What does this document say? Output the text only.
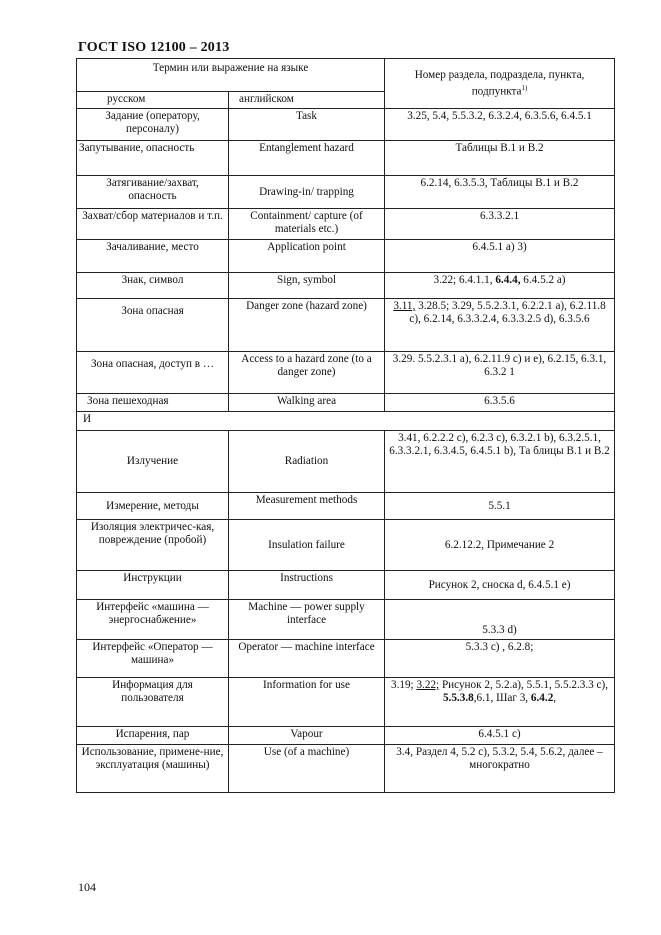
ГОСТ ISO 12100 – 2013
Термин или выражение на языке		Номер раздела, подраздела, пункта, подпункта$^{1)}$
русском	английском	
Задание (оператору, персоналу)	Task	3.25, 5.4, 5.5.3.2, 6.3.2.4, 6.3.5.6, 6.4.5.1
Запутывание, опасность	Entanglement hazard	Таблицы В.1 и В.2
Затягивание/захват, опасность	Drawing-in/ trapping	6.2.14, 6.3.5.3, Таблицы В.1 и В.2
Захват/сбор материалов и т.п.	Containment/ capture (of materials etc.)	6.3.3.2.1
Зачаливание, место	Application point	6.4.5.1 а) 3)
Знак, символ	Sign, symbol	3.22; 6.4.1.1, 6.4.4, 6.4.5.2 а)
Зона опасная	Danger zone (hazard zone)	3.11, 3.28.5; 3.29, 5.5.2.3.1, 6.2.2.1 а), 6.2.11.8 с), 6.2.14, 6.3.3.2.4, 6.3.3.2.5 d), 6.3.5.6
Зона опасная, доступ в …	Access to a hazard zone (to a danger zone)	3.29. 5.5.2.3.1 а), 6.2.11.9 с) и е), 6.2.15, 6.3.1, 6.3.2 1
Зона пешеходная	Walking area	6.3.5.6
И		
Излучение	Radiation	3.41, 6.2.2.2 с), 6.2.3 с), 6.3.2.1 b), 6.3.2.5.1, 6.3.3.2.1, 6.3.4.5, 6.4.5.1 b), Та блицы В.1 и В.2
Измерение, методы	Measurement methods	5.5.1
Изоляция электричес-кая, повреждение (пробой)	Insulation failure	6.2.12.2, Примечание 2
Инструкции	Instructions	Рисунок 2, сноска d, 6.4.5.1 е)
Интерфейс «машина — энергоснабжение»	Machine — power supply interface	5.3.3 d)
Интерфейс «Оператор — машина»	Operator — machine interface	5.3.3 с) , 6.2.8;
Информация для пользователя	Information for use	3.19; 3.22; Рисунок 2, 5.2.а), 5.5.1, 5.5.2.3.3 с), 5.5.3.8,6.1, Шаг 3, 6.4.2,
Испарения, пар	Vapour	6.4.5.1 с)
Использование, примене-ние, эксплуатация (машины)	Use (of a machine)	3.4, Раздел 4, 5.2 с), 5.3.2, 5.4, 5.6.2, далее – многократно
104
